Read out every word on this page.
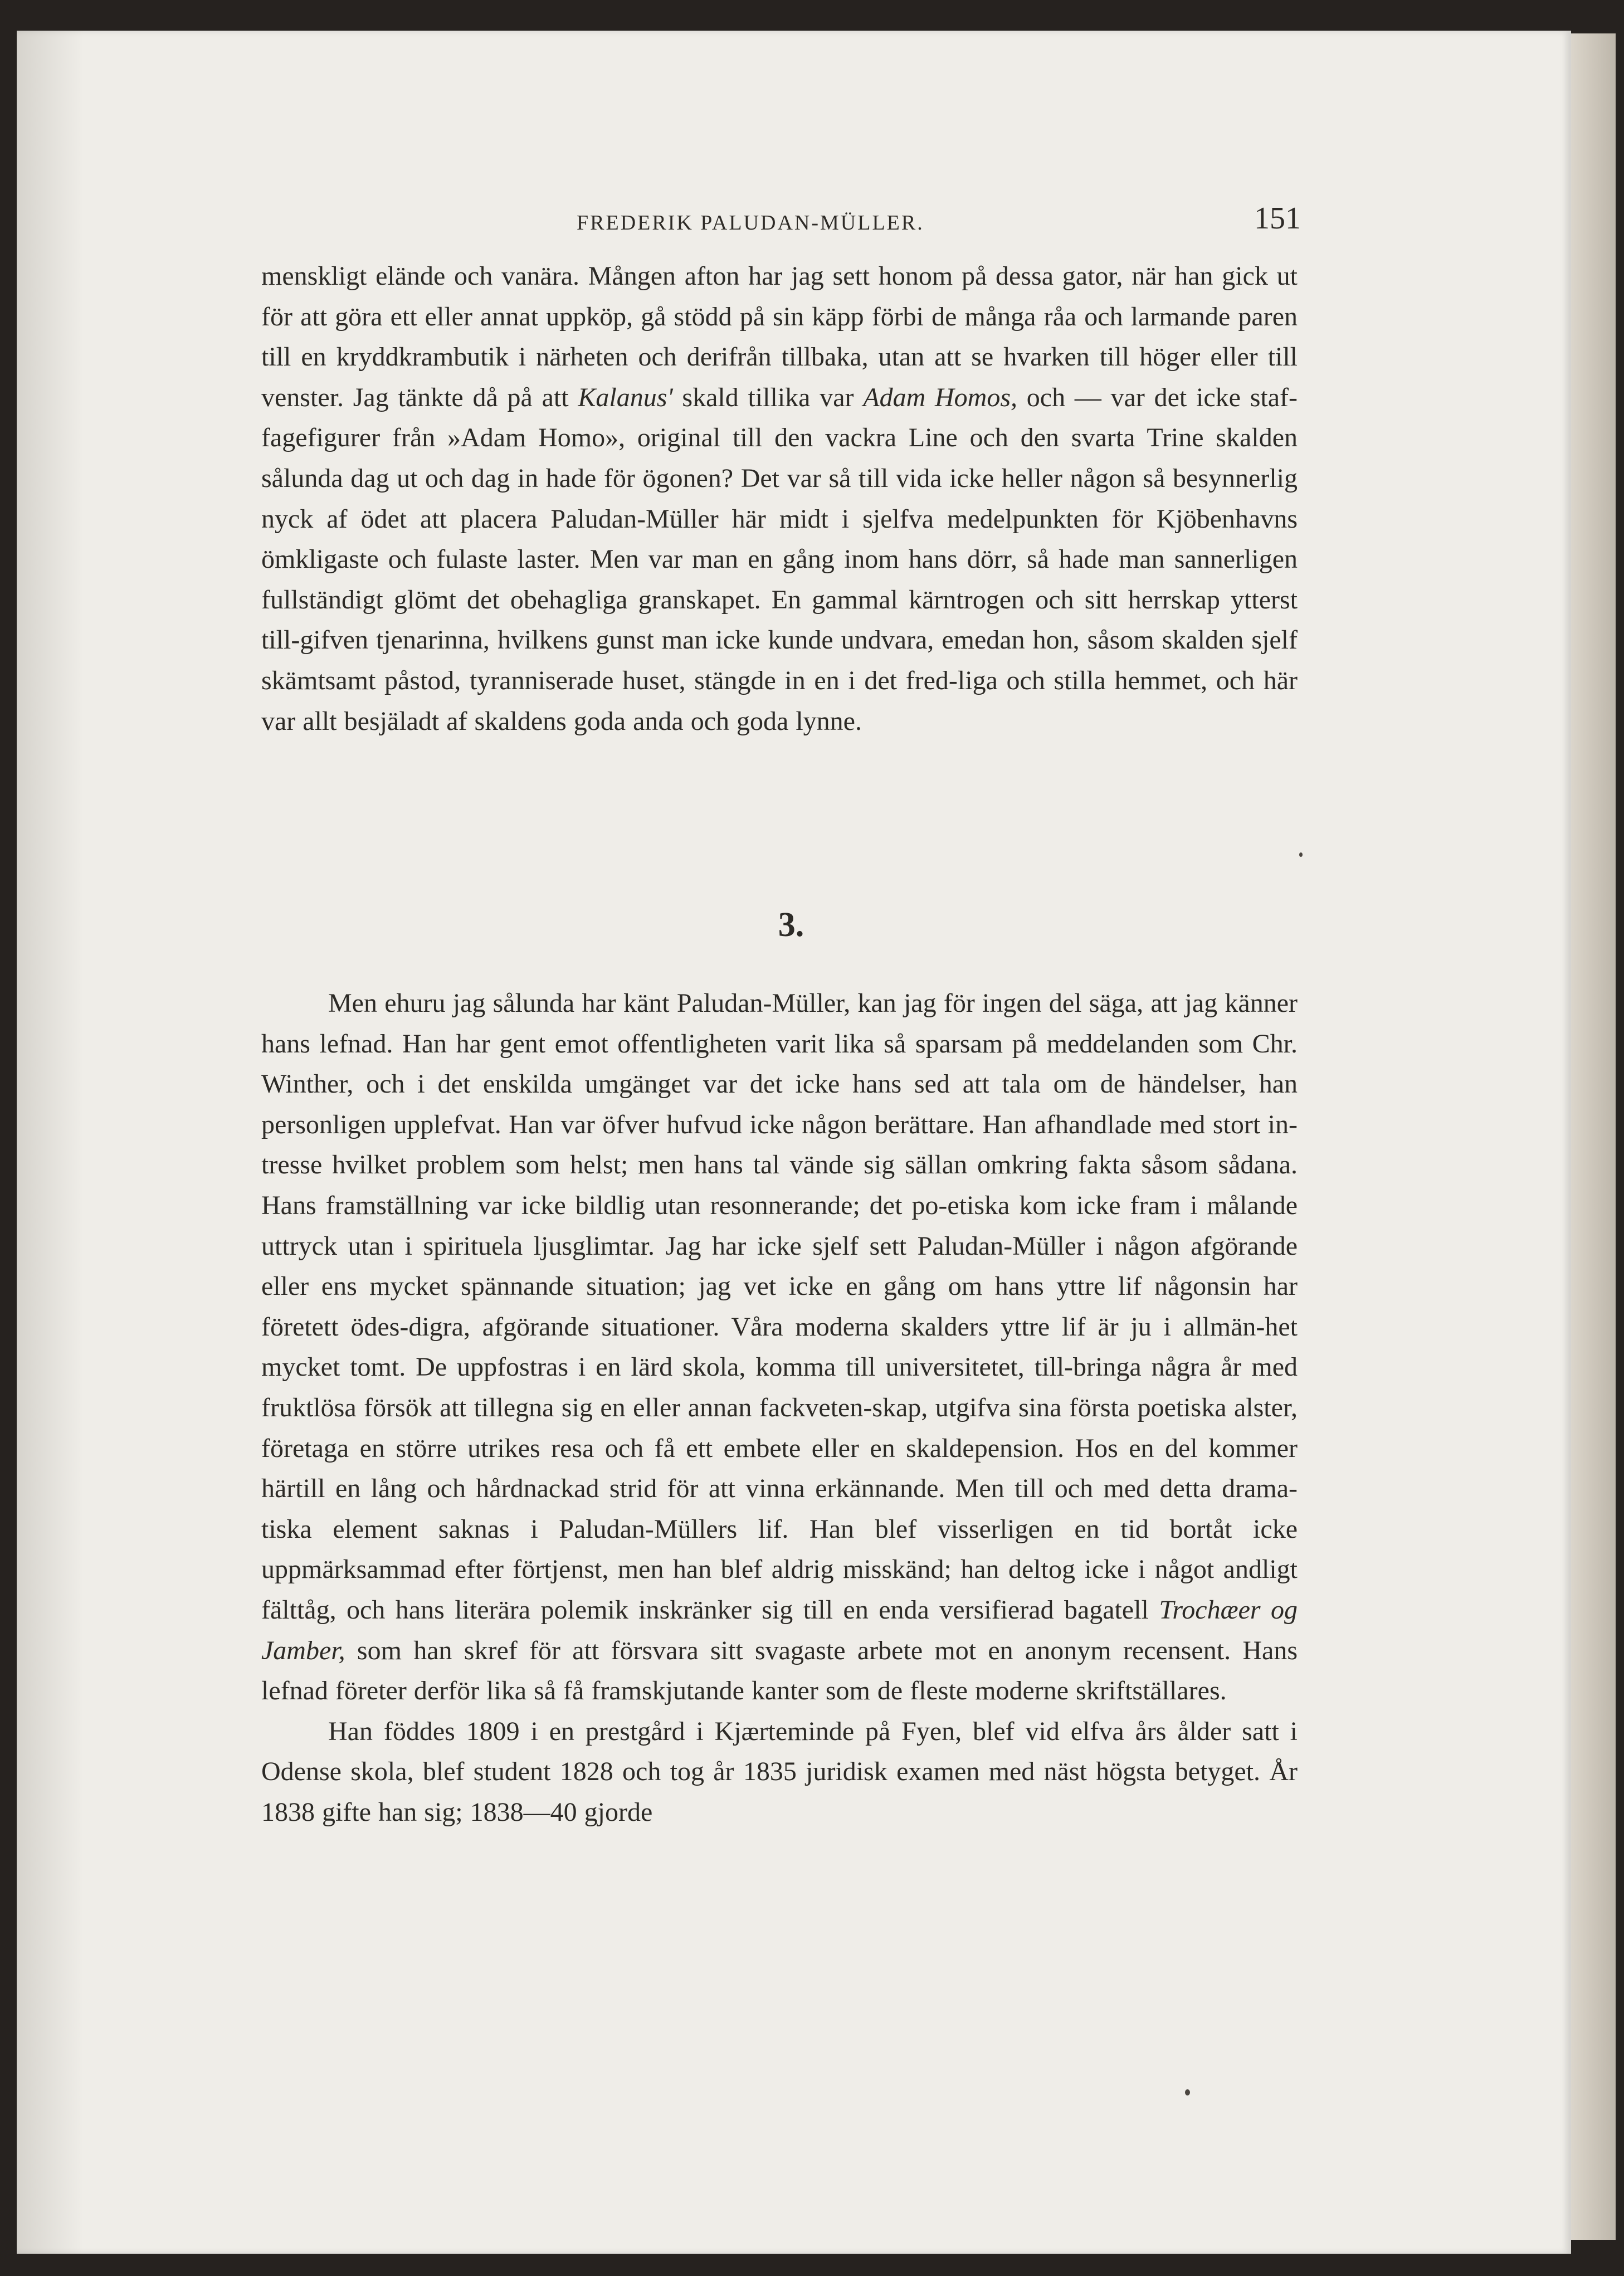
FREDERIK PALUDAN-MÜLLER.	151
menskligt elände och vanära. Mången afton har jag sett honom på dessa gator, när han gick ut för att göra ett eller annat uppköp, gå stödd på sin käpp förbi de många råa och larmande paren till en kryddkrambutik i närheten och derifrån tillbaka, utan att se hvarken till höger eller till venster. Jag tänkte då på att Kalanus' skald tillika var Adam Homos, och — var det icke staf-fagefigurer från »Adam Homo», original till den vackra Line och den svarta Trine skalden sålunda dag ut och dag in hade för ögonen? Det var så till vida icke heller någon så besynnerlig nyck af ödet att placera Paludan-Müller här midt i sjelfva medelpunkten för Kjöbenhavns ömkligaste och fulaste laster. Men var man en gång inom hans dörr, så hade man sannerligen fullständigt glömt det obehagliga granskapet. En gammal kärntrogen och sitt herrskap ytterst till-gifven tjenarinna, hvilkens gunst man icke kunde undvara, emedan hon, såsom skalden sjelf skämtsamt påstod, tyranniserade huset, stängde in en i det fred-liga och stilla hemmet, och här var allt besjäladt af skaldens goda anda och goda lynne.
3.
Men ehuru jag sålunda har känt Paludan-Müller, kan jag för ingen del säga, att jag känner hans lefnad. Han har gent emot offentligheten varit lika så sparsam på meddelanden som Chr. Winther, och i det enskilda umgänget var det icke hans sed att tala om de händelser, han personligen upplefvat. Han var öfver hufvud icke någon berättare. Han afhandlade med stort in-tresse hvilket problem som helst; men hans tal vände sig sällan omkring fakta såsom sådana. Hans framställning var icke bildlig utan resonnerande; det po-etiska kom icke fram i målande uttryck utan i spirituela ljusglimtar. Jag har icke sjelf sett Paludan-Müller i någon afgörande eller ens mycket spännande situation; jag vet icke en gång om hans yttre lif någonsin har företett ödes-digra, afgörande situationer. Våra moderna skalders yttre lif är ju i allmän-het mycket tomt. De uppfostras i en lärd skola, komma till universitetet, till-bringa några år med fruktlösa försök att tillegna sig en eller annan fackveten-skap, utgifva sina första poetiska alster, företaga en större utrikes resa och få ett embete eller en skaldepension. Hos en del kommer härtill en lång och hårdnackad strid för att vinna erkännande. Men till och med detta drama-tiska element saknas i Paludan-Müllers lif. Han blef visserligen en tid bortåt icke uppmärksammad efter förtjenst, men han blef aldrig misskänd; han deltog icke i något andligt fälttåg, och hans literära polemik inskränker sig till en enda versifierad bagatell Trochæer og Jamber, som han skref för att försvara sitt svagaste arbete mot en anonym recensent. Hans lefnad företer derför lika så få framskjutande kanter som de fleste moderne skriftställares.
Han föddes 1809 i en prestgård i Kjærteminde på Fyen, blef vid elfva års ålder satt i Odense skola, blef student 1828 och tog år 1835 juridisk examen med näst högsta betyget. År 1838 gifte han sig; 1838—40 gjorde
